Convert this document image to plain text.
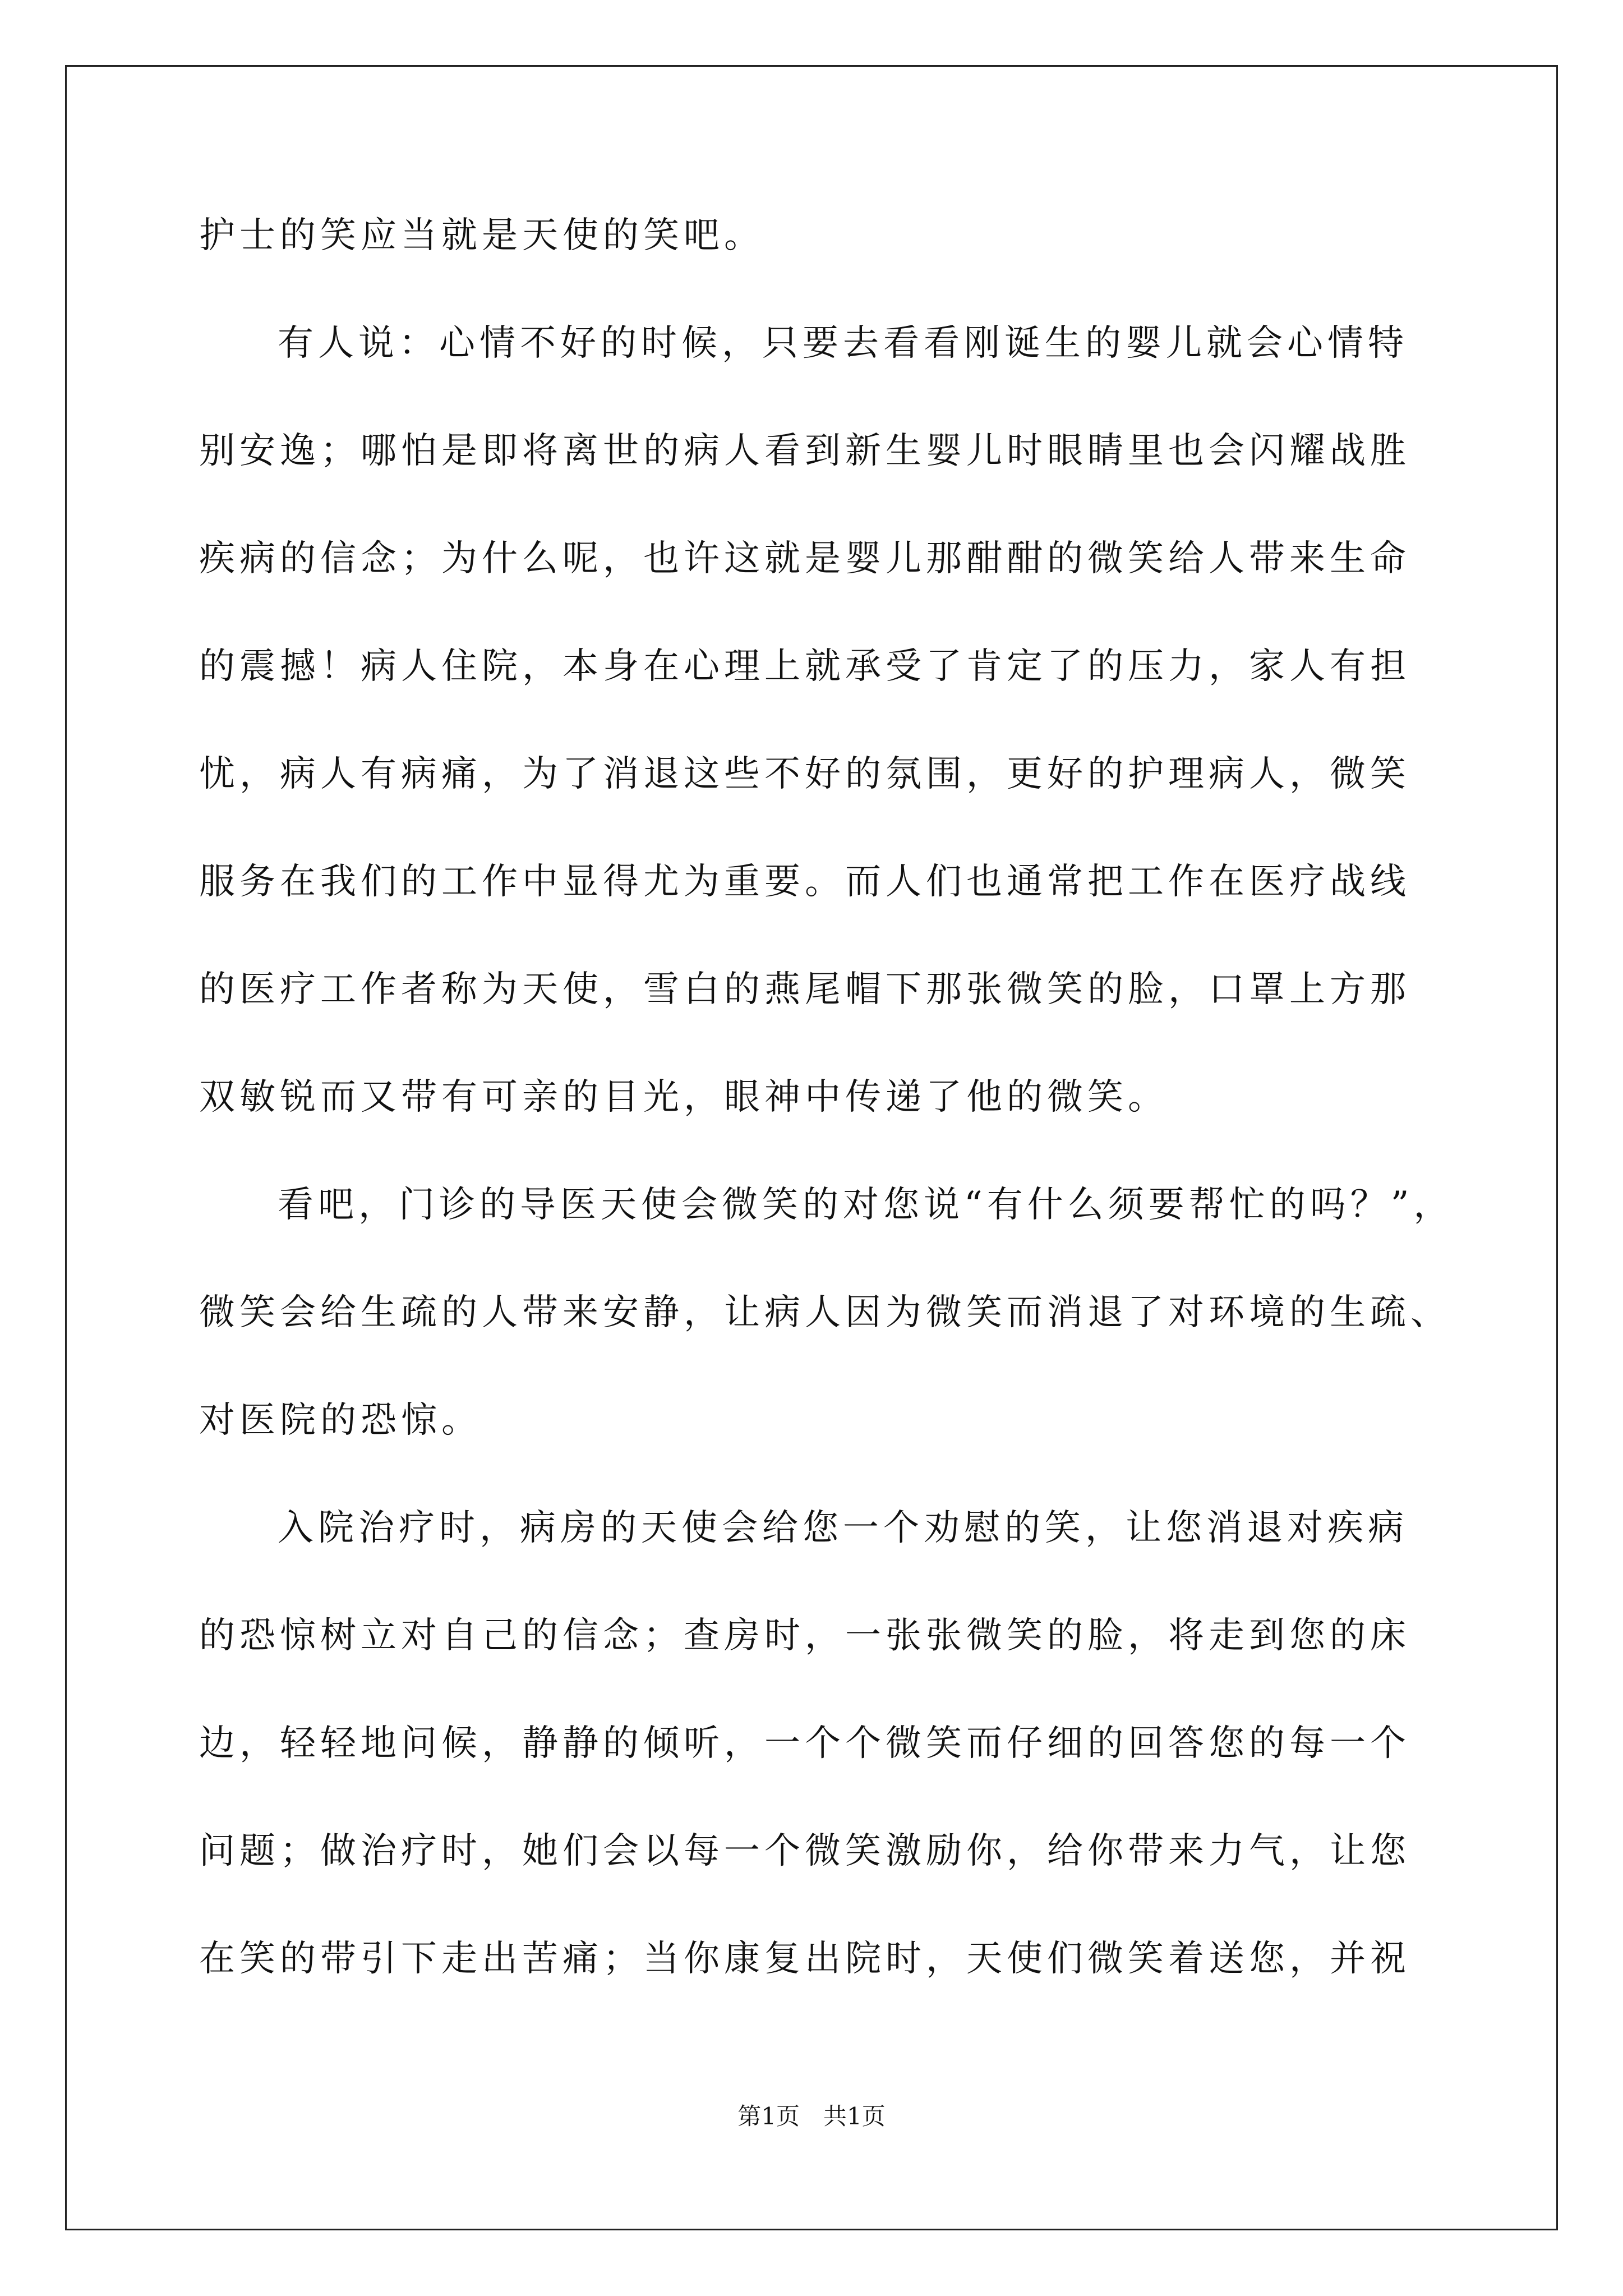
护士的笑应当就是天使的笑吧。
有人说：心情不好的时候，只要去看看刚诞生的婴儿就会心情特
别安逸；哪怕是即将离世的病人看到新生婴儿时眼睛里也会闪耀战胜
疾病的信念；为什么呢，也许这就是婴儿那酣酣的微笑给人带来生命
的震撼！病人住院，本身在心理上就承受了肯定了的压力，家人有担
忧，病人有病痛，为了消退这些不好的氛围，更好的护理病人，微笑
服务在我们的工作中显得尤为重要。而人们也通常把工作在医疗战线
的医疗工作者称为天使，雪白的燕尾帽下那张微笑的脸，口罩上方那
双敏锐而又带有可亲的目光，眼神中传递了他的微笑。
看吧，门诊的导医天使会微笑的对您说“有什么须要帮忙的吗？”，
微笑会给生疏的人带来安静，让病人因为微笑而消退了对环境的生疏、
对医院的恐惊。
入院治疗时，病房的天使会给您一个劝慰的笑，让您消退对疾病
的恐惊树立对自己的信念；查房时，一张张微笑的脸，将走到您的床
边，轻轻地问候，静静的倾听，一个个微笑而仔细的回答您的每一个
问题；做治疗时，她们会以每一个微笑激励你，给你带来力气，让您
在笑的带引下走出苦痛；当你康复出院时，天使们微笑着送您，并祝
第1页　共1页
